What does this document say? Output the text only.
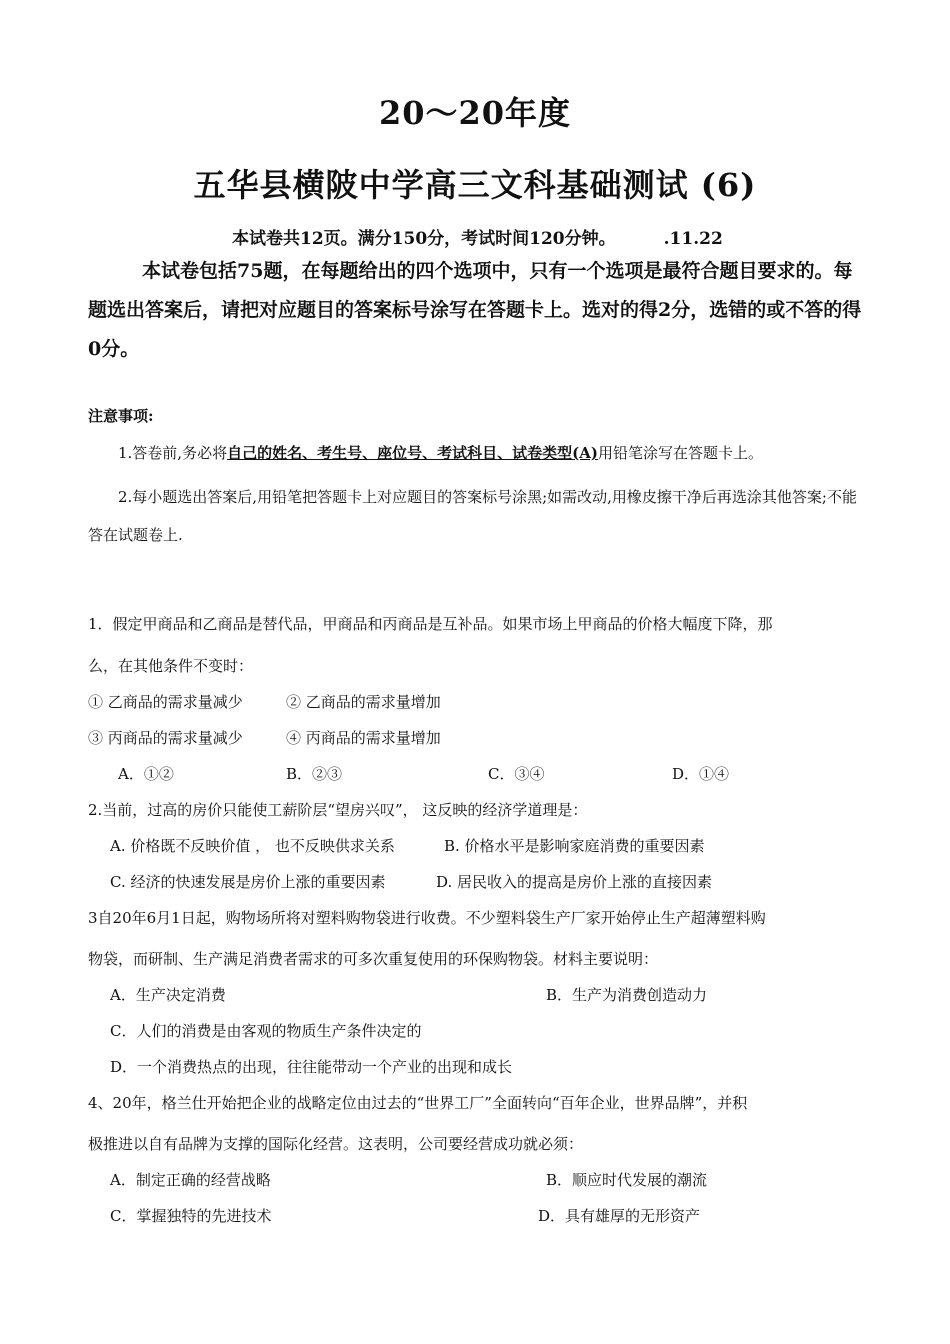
20～20年度
五华县横陂中学高三文科基础测试 (6)
本试卷共12页。满分150分，考试时间120分钟。	.11.22
本试卷包括75题，在每题给出的四个选项中，只有一个选项是最符合题目要求的。每题选出答案后，请把对应题目的答案标号涂写在答题卡上。选对的得2分，选错的或不答的得0分。
注意事项:
1.答卷前,务必将自己的姓名、考生号、座位号、考试科目、试卷类型(A)用铅笔涂写在答题卡上。
2.每小题选出答案后,用铅笔把答题卡上对应题目的答案标号涂黑;如需改动,用橡皮擦干净后再选涂其他答案;不能答在试题卷上.
1．假定甲商品和乙商品是替代品，甲商品和丙商品是互补品。如果市场上甲商品的价格大幅度下降，那
么，在其他条件不变时：
① 乙商品的需求量减少	② 乙商品的需求量增加
③ 丙商品的需求量减少	④ 丙商品的需求量增加
A．①②	B．②③	C．③④	D．①④
2.当前，过高的房价只能使工薪阶层“望房兴叹”， 这反映的经济学道理是：
A. 价格既不反映价值 ， 也不反映供求关系	B. 价格水平是影响家庭消费的重要因素
C. 经济的快速发展是房价上涨的重要因素	D. 居民收入的提高是房价上涨的直接因素
3自20年6月1日起，购物场所将对塑料购物袋进行收费。不少塑料袋生产厂家开始停止生产超薄塑料购
物袋，而研制、生产满足消费者需求的可多次重复使用的环保购物袋。材料主要说明：
A．生产决定消费	B．生产为消费创造动力
C．人们的消费是由客观的物质生产条件决定的
D．一个消费热点的出现，往往能带动一个产业的出现和成长
4、20年，格兰仕开始把企业的战略定位由过去的“世界工厂”全面转向“百年企业，世界品牌”，并积
极推进以自有品牌为支撑的国际化经营。这表明，公司要经营成功就必须：
A．制定正确的经营战略	B．顺应时代发展的潮流
C．掌握独特的先进技术	D．具有雄厚的无形资产
